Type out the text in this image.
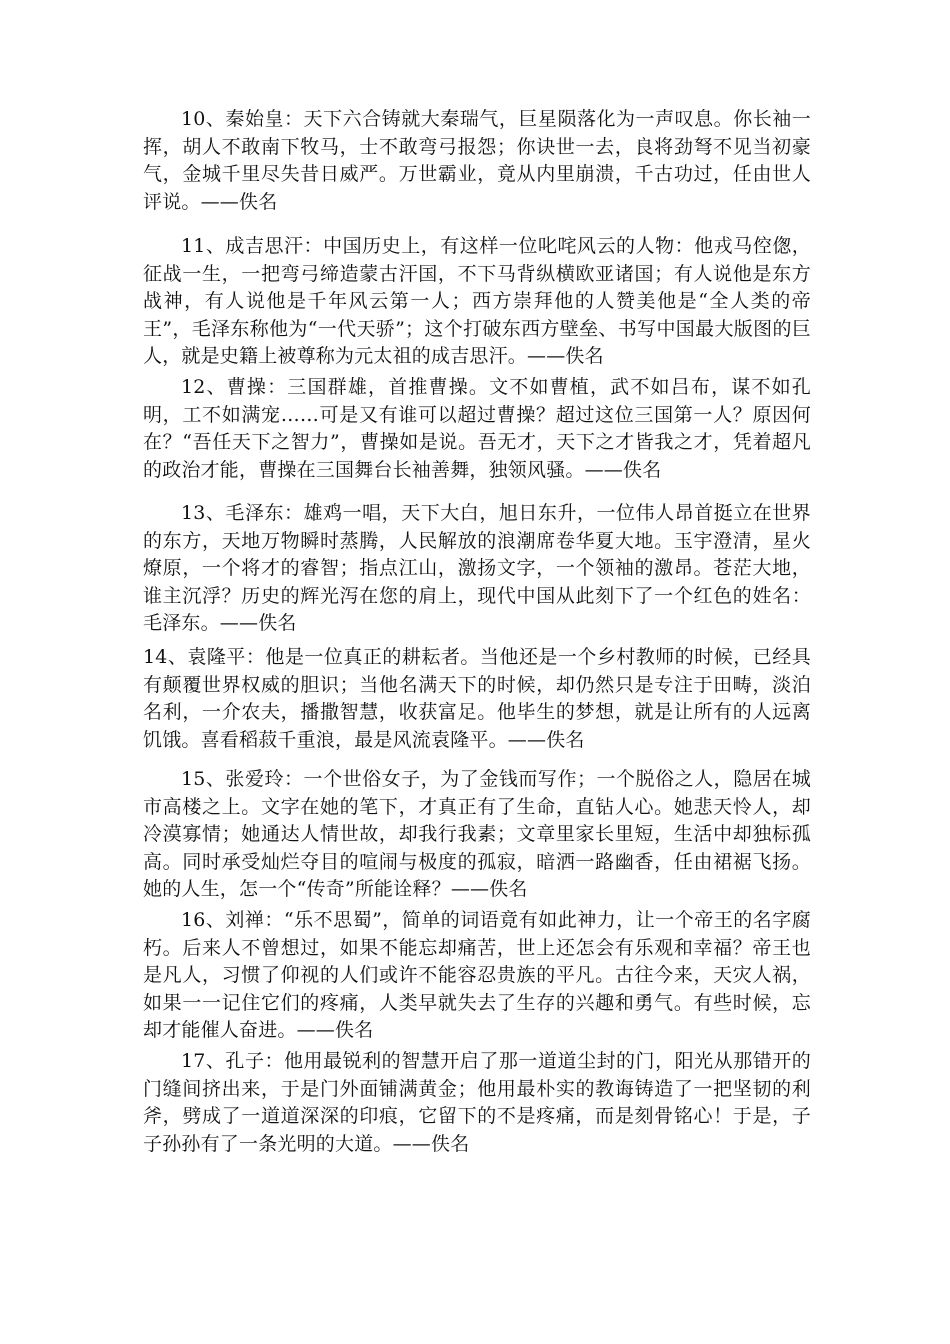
10、秦始皇：天下六合铸就大秦瑞气，巨星陨落化为一声叹息。你长袖一挥，胡人不敢南下牧马，士不敢弯弓报怨；你诀世一去，良将劲弩不见当初豪气，金城千里尽失昔日威严。万世霸业，竟从内里崩溃，千古功过，任由世人评说。——佚名

11、成吉思汗：中国历史上，有这样一位叱咤风云的人物：他戎马倥偬，征战一生，一把弯弓缔造蒙古汗国，不下马背纵横欧亚诸国；有人说他是东方战神，有人说他是千年风云第一人；西方崇拜他的人赞美他是“全人类的帝王”，毛泽东称他为“一代天骄”；这个打破东西方壁垒、书写中国最大版图的巨人，就是史籍上被尊称为元太祖的成吉思汗。——佚名

12、曹操：三国群雄，首推曹操。文不如曹植，武不如吕布，谋不如孔明，工不如满宠……可是又有谁可以超过曹操？超过这位三国第一人？原因何在？“吾任天下之智力”，曹操如是说。吾无才，天下之才皆我之才，凭着超凡的政治才能，曹操在三国舞台长袖善舞，独领风骚。——佚名

13、毛泽东：雄鸡一唱，天下大白，旭日东升，一位伟人昂首挺立在世界的东方，天地万物瞬时蒸腾，人民解放的浪潮席卷华夏大地。玉宇澄清，星火燎原，一个将才的睿智；指点江山，激扬文字，一个领袖的激昂。苍茫大地，谁主沉浮？历史的辉光泻在您的肩上，现代中国从此刻下了一个红色的姓名：毛泽东。——佚名

14、袁隆平：他是一位真正的耕耘者。当他还是一个乡村教师的时候，已经具有颠覆世界权威的胆识；当他名满天下的时候，却仍然只是专注于田畴，淡泊名利，一介农夫，播撒智慧，收获富足。他毕生的梦想，就是让所有的人远离饥饿。喜看稻菽千重浪，最是风流袁隆平。——佚名

15、张爱玲：一个世俗女子，为了金钱而写作；一个脱俗之人，隐居在城市高楼之上。文字在她的笔下，才真正有了生命，直钻人心。她悲天怜人，却冷漠寡情；她通达人情世故，却我行我素；文章里家长里短，生活中却独标孤高。同时承受灿烂夺目的喧闹与极度的孤寂，暗洒一路幽香，任由裙裾飞扬。她的人生，怎一个“传奇”所能诠释？——佚名

16、刘禅：“乐不思蜀”，简单的词语竟有如此神力，让一个帝王的名字腐朽。后来人不曾想过，如果不能忘却痛苦，世上还怎会有乐观和幸福？帝王也是凡人，习惯了仰视的人们或许不能容忍贵族的平凡。古往今来，天灾人祸，如果一一记住它们的疼痛，人类早就失去了生存的兴趣和勇气。有些时候，忘却才能催人奋进。——佚名

17、孔子：他用最锐利的智慧开启了那一道道尘封的门，阳光从那错开的门缝间挤出来，于是门外面铺满黄金；他用最朴实的教诲铸造了一把坚韧的利斧，劈成了一道道深深的印痕，它留下的不是疼痛，而是刻骨铭心！于是，子子孙孙有了一条光明的大道。——佚名
